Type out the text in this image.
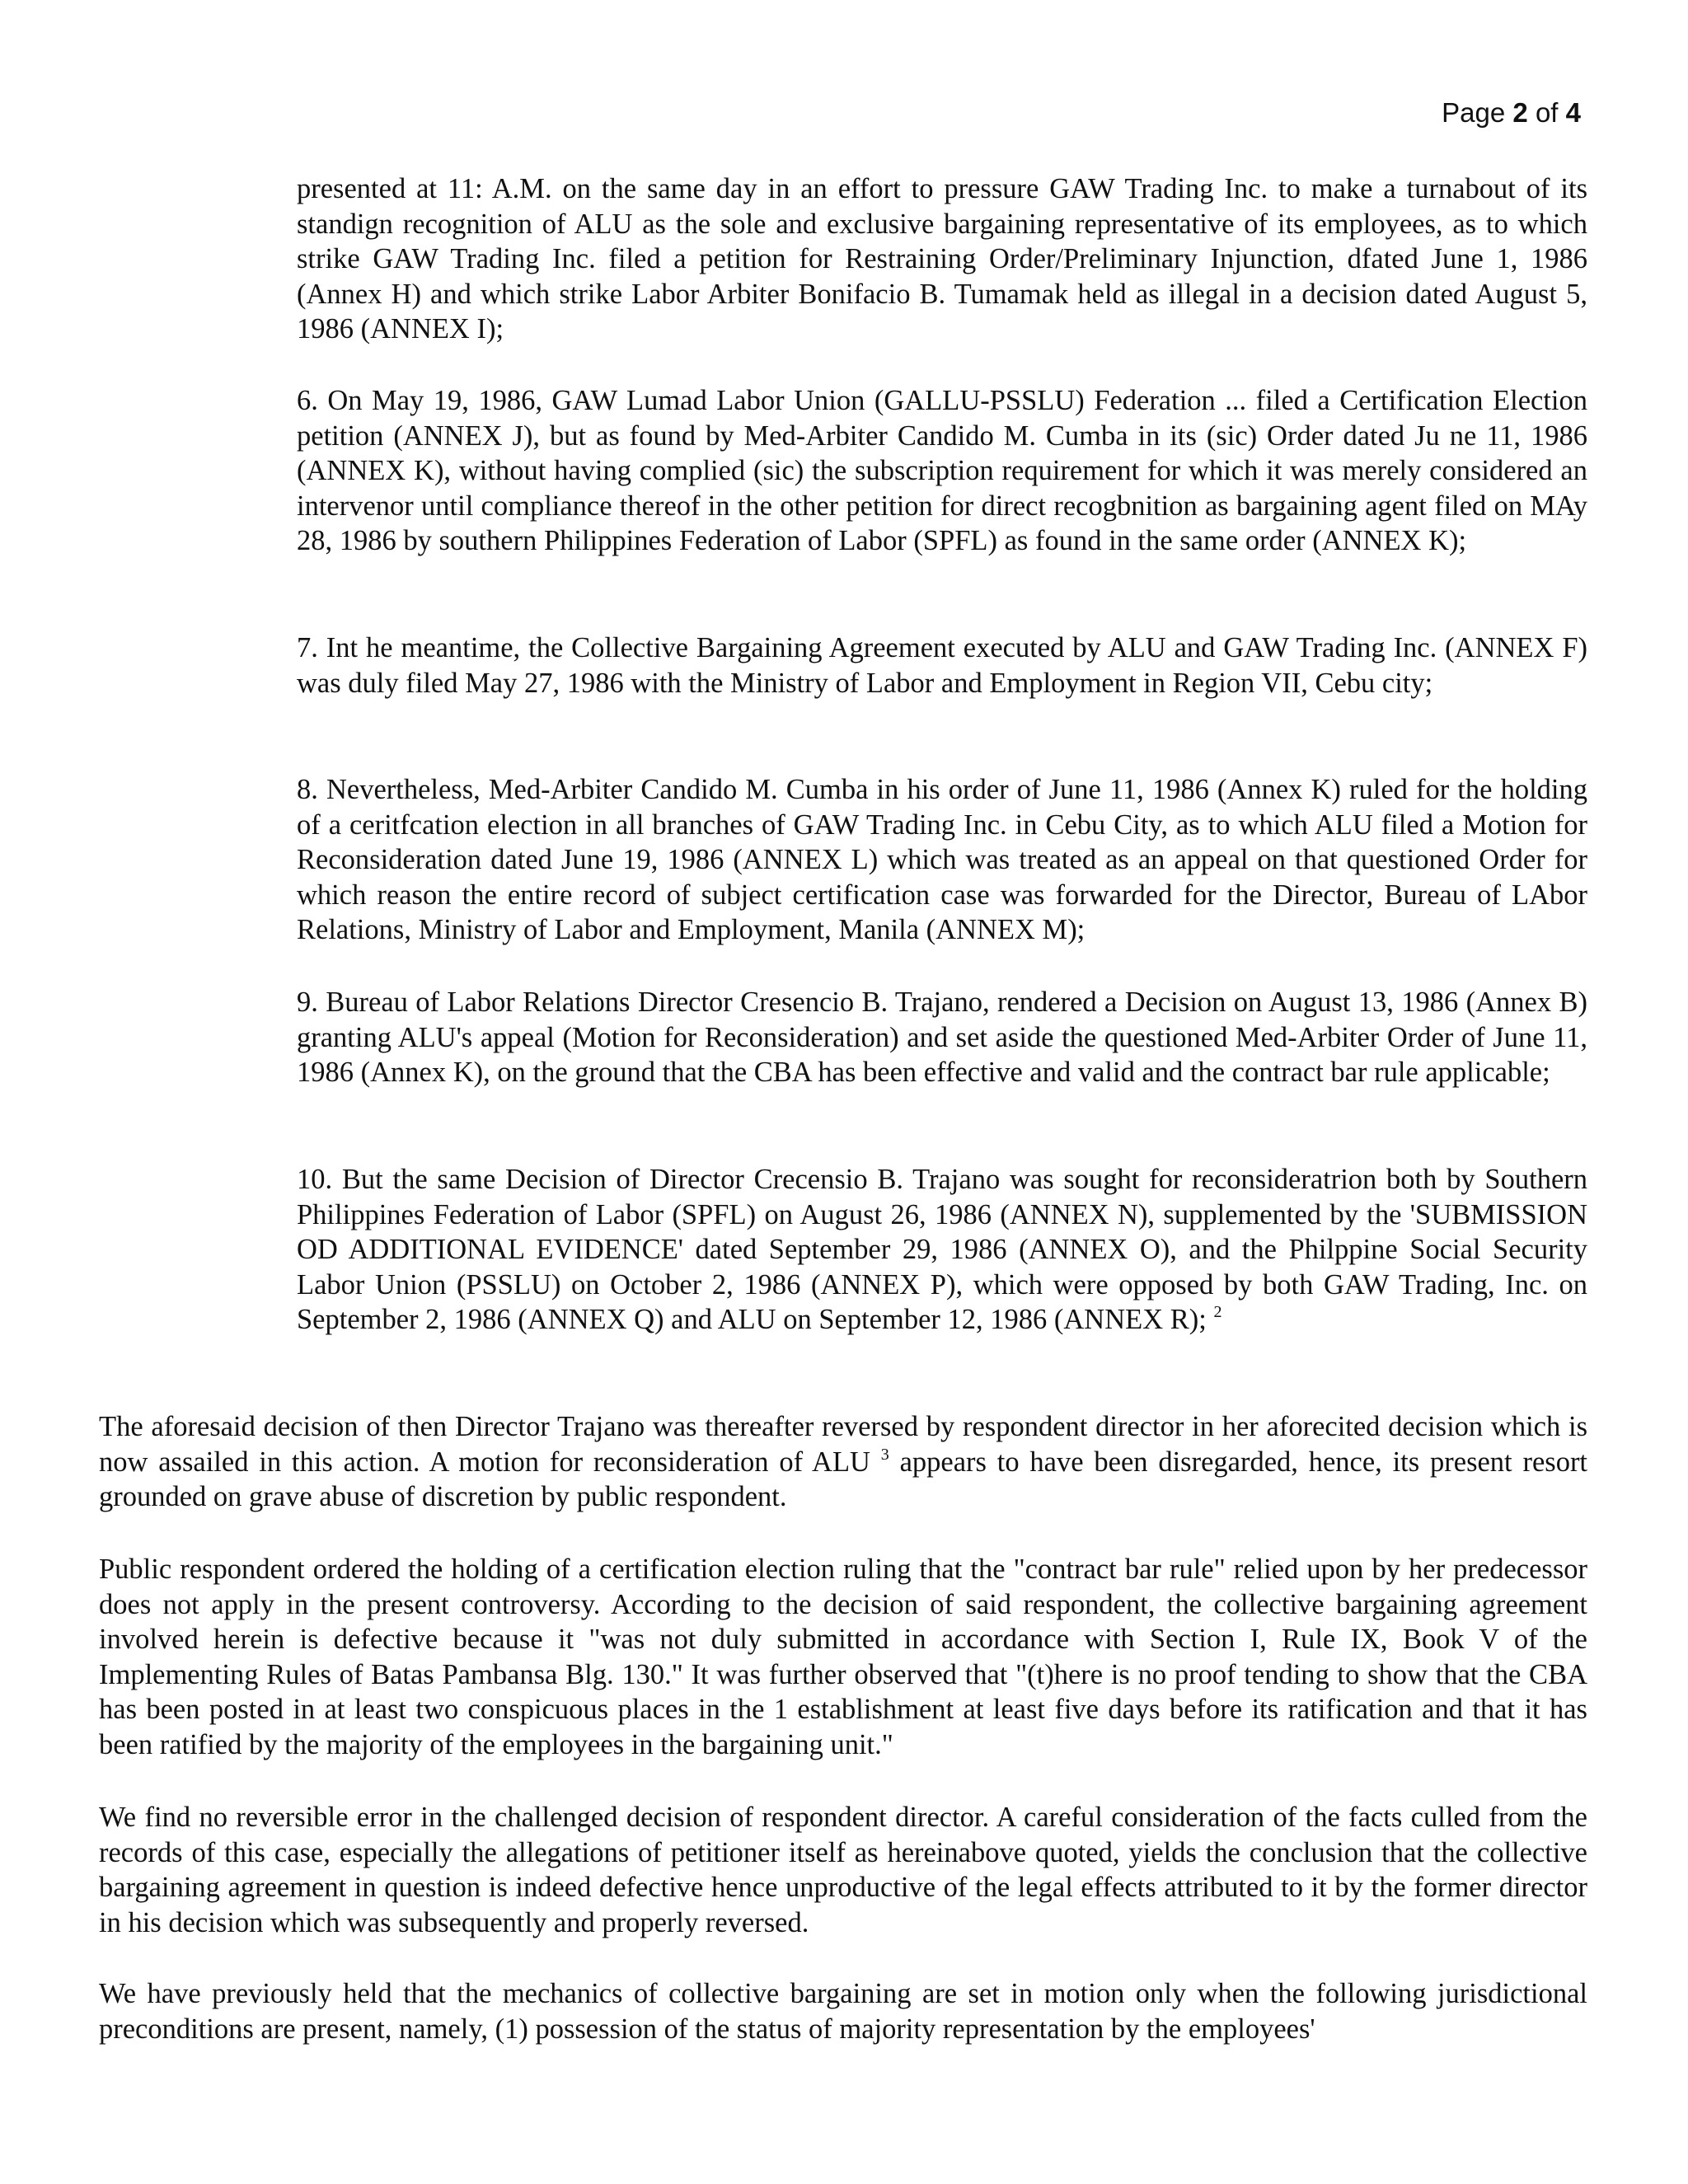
Page 2 of 4

presented at 11: A.M. on the same day in an effort to pressure GAW Trading Inc. to make a turnabout of its standign recognition of ALU as the sole and exclusive bargaining representative of its employees, as to which strike GAW Trading Inc. filed a petition for Restraining Order/Preliminary Injunction, dfated June 1, 1986 (Annex H) and which strike Labor Arbiter Bonifacio B. Tumamak held as illegal in a decision dated August 5, 1986 (ANNEX I);

6. On May 19, 1986, GAW Lumad Labor Union (GALLU-PSSLU) Federation ... filed a Certification Election petition (ANNEX J), but as found by Med-Arbiter Candido M. Cumba in its (sic) Order dated Ju ne 11, 1986 (ANNEX K), without having complied (sic) the subscription requirement for which it was merely considered an intervenor until compliance thereof in the other petition for direct recogbnition as bargaining agent filed on MAy 28, 1986 by southern Philippines Federation of Labor (SPFL) as found in the same order (ANNEX K);

7. Int he meantime, the Collective Bargaining Agreement executed by ALU and GAW Trading Inc. (ANNEX F) was duly filed May 27, 1986 with the Ministry of Labor and Employment in Region VII, Cebu city;

8. Nevertheless, Med-Arbiter Candido M. Cumba in his order of June 11, 1986 (Annex K) ruled for the holding of a ceritfcation election in all branches of GAW Trading Inc. in Cebu City, as to which ALU filed a Motion for Reconsideration dated June 19, 1986 (ANNEX L) which was treated as an appeal on that questioned Order for which reason the entire record of subject certification case was forwarded for the Director, Bureau of LAbor Relations, Ministry of Labor and Employment, Manila (ANNEX M);

9. Bureau of Labor Relations Director Cresencio B. Trajano, rendered a Decision on August 13, 1986 (Annex B) granting ALU's appeal (Motion for Reconsideration) and set aside the questioned Med-Arbiter Order of June 11, 1986 (Annex K), on the ground that the CBA has been effective and valid and the contract bar rule applicable;

10. But the same Decision of Director Crecensio B. Trajano was sought for reconsideratrion both by Southern Philippines Federation of Labor (SPFL) on August 26, 1986 (ANNEX N), supplemented by the 'SUBMISSION OD ADDITIONAL EVIDENCE' dated September 29, 1986 (ANNEX O), and the Philppine Social Security Labor Union (PSSLU) on October 2, 1986 (ANNEX P), which were opposed by both GAW Trading, Inc. on September 2, 1986 (ANNEX Q) and ALU on September 12, 1986 (ANNEX R); $^2$

The aforesaid decision of then Director Trajano was thereafter reversed by respondent director in her aforecited decision which is now assailed in this action. A motion for reconsideration of ALU $^3$ appears to have been disregarded, hence, its present resort grounded on grave abuse of discretion by public respondent.

Public respondent ordered the holding of a certification election ruling that the "contract bar rule" relied upon by her predecessor does not apply in the present controversy. According to the decision of said respondent, the collective bargaining agreement involved herein is defective because it "was not duly submitted in accordance with Section I, Rule IX, Book V of the Implementing Rules of Batas Pambansa Blg. 130." It was further observed that "(t)here is no proof tending to show that the CBA has been posted in at least two conspicuous places in the 1 establishment at least five days before its ratification and that it has been ratified by the majority of the employees in the bargaining unit."

We find no reversible error in the challenged decision of respondent director. A careful consideration of the facts culled from the records of this case, especially the allegations of petitioner itself as hereinabove quoted, yields the conclusion that the collective bargaining agreement in question is indeed defective hence unproductive of the legal effects attributed to it by the former director in his decision which was subsequently and properly reversed.

We have previously held that the mechanics of collective bargaining are set in motion only when the following jurisdictional preconditions are present, namely, (1) possession of the status of majority representation by the employees'
